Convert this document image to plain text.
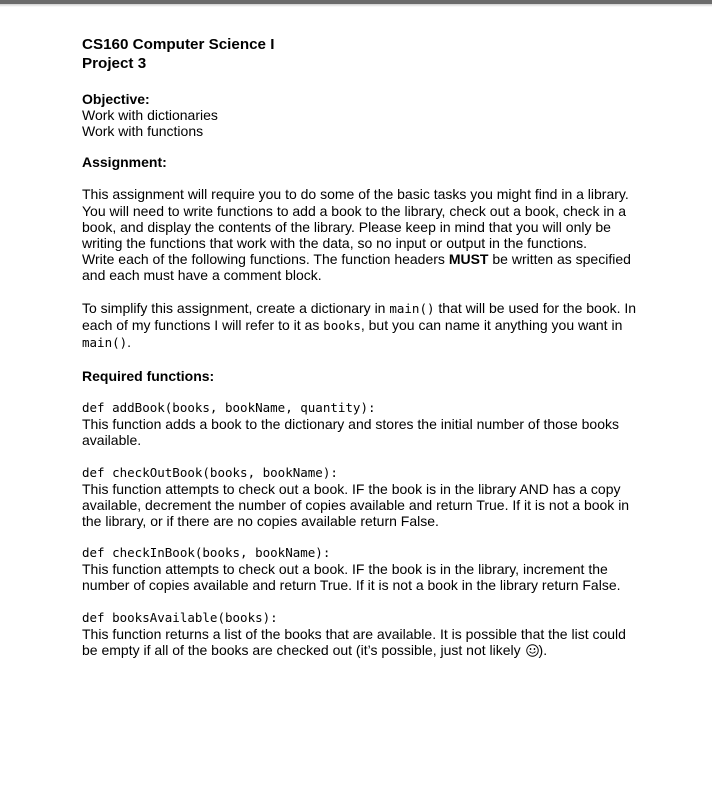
CS160 Computer Science I
Project 3
Objective:
Work with dictionaries
Work with functions
Assignment:
This assignment will require you to do some of the basic tasks you might find in a library. You will need to write functions to add a book to the library, check out a book, check in a book, and display the contents of the library. Please keep in mind that you will only be writing the functions that work with the data, so no input or output in the functions.
Write each of the following functions. The function headers MUST be written as specified and each must have a comment block.
To simplify this assignment, create a dictionary in main() that will be used for the book. In each of my functions I will refer to it as books, but you can name it anything you want in main().
Required functions:
def addBook(books, bookName, quantity):
This function adds a book to the dictionary and stores the initial number of those books available.
def checkOutBook(books, bookName):
This function attempts to check out a book. IF the book is in the library AND has a copy available, decrement the number of copies available and return True. If it is not a book in the library, or if there are no copies available return False.
def checkInBook(books, bookName):
This function attempts to check out a book. IF the book is in the library, increment the number of copies available and return True. If it is not a book in the library return False.
def booksAvailable(books):
This function returns a list of the books that are available. It is possible that the list could be empty if all of the books are checked out (it’s possible, just not likely ).
